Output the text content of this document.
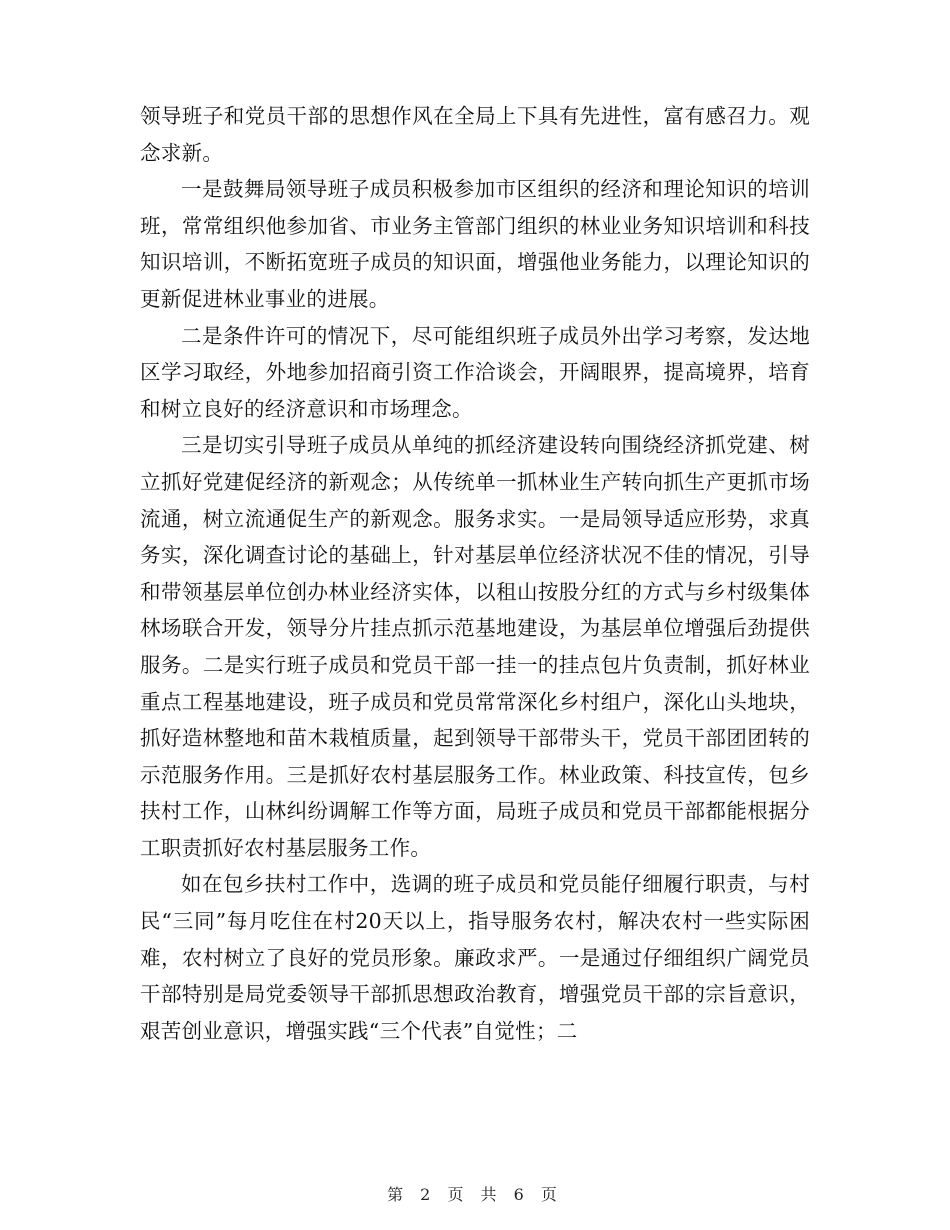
领导班子和党员干部的思想作风在全局上下具有先进性，富有感召力。观念求新。

一是鼓舞局领导班子成员积极参加市区组织的经济和理论知识的培训班，常常组织他参加省、市业务主管部门组织的林业业务知识培训和科技知识培训，不断拓宽班子成员的知识面，增强他业务能力，以理论知识的更新促进林业事业的进展。

二是条件许可的情况下，尽可能组织班子成员外出学习考察，发达地区学习取经，外地参加招商引资工作洽谈会，开阔眼界，提高境界，培育和树立良好的经济意识和市场理念。

三是切实引导班子成员从单纯的抓经济建设转向围绕经济抓党建、树立抓好党建促经济的新观念；从传统单一抓林业生产转向抓生产更抓市场流通，树立流通促生产的新观念。服务求实。一是局领导适应形势，求真务实，深化调查讨论的基础上，针对基层单位经济状况不佳的情况，引导和带领基层单位创办林业经济实体，以租山按股分红的方式与乡村级集体林场联合开发，领导分片挂点抓示范基地建设，为基层单位增强后劲提供服务。二是实行班子成员和党员干部一挂一的挂点包片负责制，抓好林业重点工程基地建设，班子成员和党员常常深化乡村组户，深化山头地块，抓好造林整地和苗木栽植质量，起到领导干部带头干，党员干部团团转的示范服务作用。三是抓好农村基层服务工作。林业政策、科技宣传，包乡扶村工作，山林纠纷调解工作等方面，局班子成员和党员干部都能根据分工职责抓好农村基层服务工作。

如在包乡扶村工作中，选调的班子成员和党员能仔细履行职责，与村民“三同”每月吃住在村20天以上，指导服务农村，解决农村一些实际困难，农村树立了良好的党员形象。廉政求严。一是通过仔细组织广阔党员干部特别是局党委领导干部抓思想政治教育，增强党员干部的宗旨意识，艰苦创业意识，增强实践“三个代表”自觉性；二

第 2 页 共 6 页
